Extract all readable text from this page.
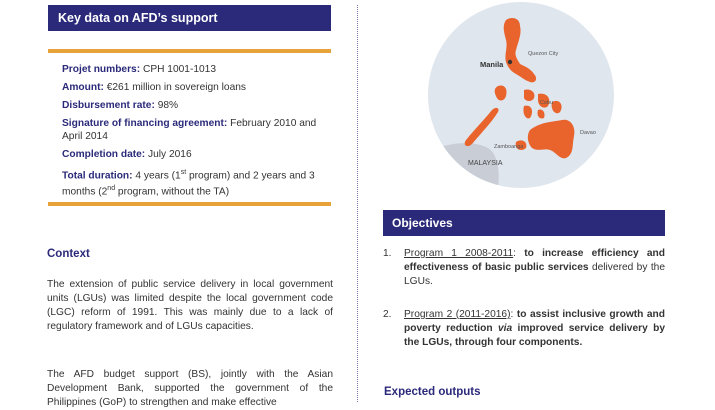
Key data on AFD’s support
Projet numbers: CPH 1001-1013
Amount: €261 million in sovereign loans
Disbursement rate: 98%
Signature of financing agreement: February 2010 and April 2014
Completion date: July 2016
Total duration: 4 years (1st program) and 2 years and 3 months (2nd program, without the TA)
Context
The extension of public service delivery in local government units (LGUs) was limited despite the local government code (LGC) reform of 1991. This was mainly due to a lack of regulatory framework and of LGUs capacities.
The AFD budget support (BS), jointly with the Asian Development Bank, supported the government of the Philippines (GoP) to strengthen and make effective
Manila
Quezon City
Cebu
Davao
Zamboanga
MALAYSIA
Objectives
1. Program 1 2008-2011: to increase efficiency and effectiveness of basic public services delivered by the LGUs.
2. Program 2 (2011-2016): to assist inclusive growth and poverty reduction via improved service delivery by the LGUs, through four components.
Expected outputs
